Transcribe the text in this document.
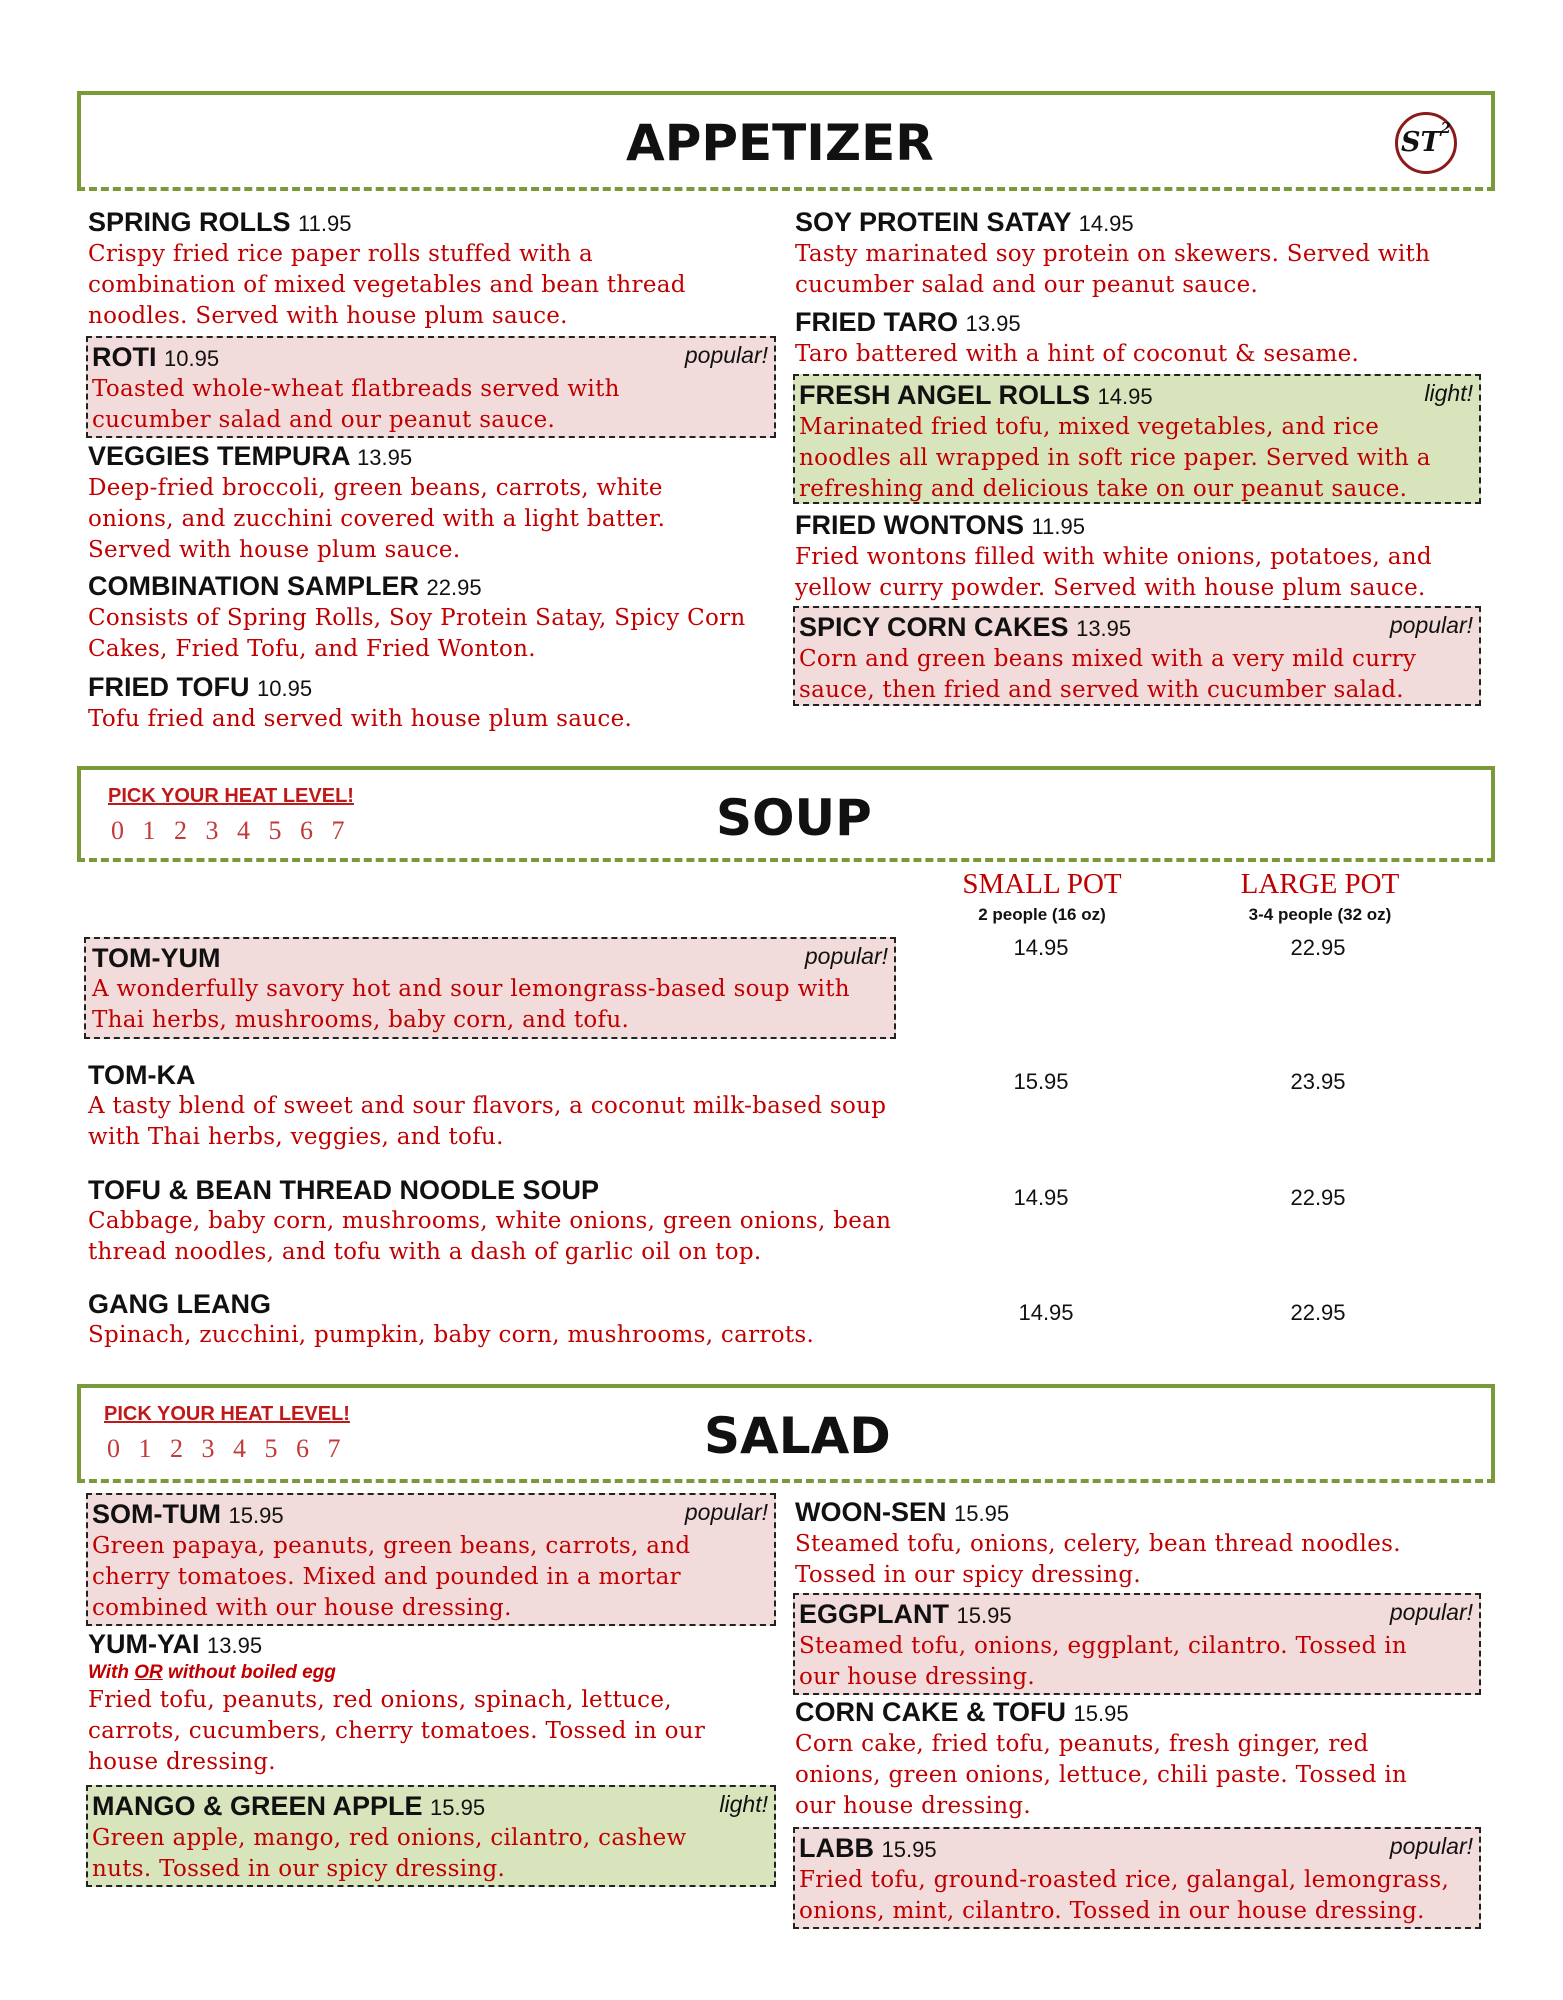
APPETIZER	$ST^2$
SPRING ROLLS 11.95
Crispy fried rice paper rolls stuffed with a combination of mixed vegetables and bean thread noodles. Served with house plum sauce.
ROTI 10.95	popular!
Toasted whole-wheat flatbreads served with cucumber salad and our peanut sauce.
VEGGIES TEMPURA 13.95
Deep-fried broccoli, green beans, carrots, white onions, and zucchini covered with a light batter. Served with house plum sauce.
COMBINATION SAMPLER 22.95
Consists of Spring Rolls, Soy Protein Satay, Spicy Corn Cakes, Fried Tofu, and Fried Wonton.
FRIED TOFU 10.95
Tofu fried and served with house plum sauce.
SOY PROTEIN SATAY 14.95
Tasty marinated soy protein on skewers. Served with cucumber salad and our peanut sauce.
FRIED TARO 13.95
Taro battered with a hint of coconut & sesame.
FRESH ANGEL ROLLS 14.95	light!
Marinated fried tofu, mixed vegetables, and rice noodles all wrapped in soft rice paper. Served with a refreshing and delicious take on our peanut sauce.
FRIED WONTONS 11.95
Fried wontons filled with white onions, potatoes, and yellow curry powder. Served with house plum sauce.
SPICY CORN CAKES 13.95	popular!
Corn and green beans mixed with a very mild curry sauce, then fried and served with cucumber salad.
PICK YOUR HEAT LEVEL!
0 1 2 3 4 5 6 7	SOUP
SMALL POT
2 people (16 oz)
LARGE POT
3-4 people (32 oz)
TOM-YUM	popular!
A wonderfully savory hot and sour lemongrass-based soup with Thai herbs, mushrooms, baby corn, and tofu.
14.95	22.95
TOM-KA
A tasty blend of sweet and sour flavors, a coconut milk-based soup with Thai herbs, veggies, and tofu.
15.95	23.95
TOFU & BEAN THREAD NOODLE SOUP
Cabbage, baby corn, mushrooms, white onions, green onions, bean thread noodles, and tofu with a dash of garlic oil on top.
14.95	22.95
GANG LEANG
Spinach, zucchini, pumpkin, baby corn, mushrooms, carrots.
14.95	22.95
PICK YOUR HEAT LEVEL!
0 1 2 3 4 5 6 7	SALAD
SOM-TUM 15.95	popular!
Green papaya, peanuts, green beans, carrots, and cherry tomatoes. Mixed and pounded in a mortar combined with our house dressing.
YUM-YAI 13.95
With OR without boiled egg
Fried tofu, peanuts, red onions, spinach, lettuce, carrots, cucumbers, cherry tomatoes. Tossed in our house dressing.
MANGO & GREEN APPLE 15.95	light!
Green apple, mango, red onions, cilantro, cashew nuts. Tossed in our spicy dressing.
WOON-SEN 15.95
Steamed tofu, onions, celery, bean thread noodles. Tossed in our spicy dressing.
EGGPLANT 15.95	popular!
Steamed tofu, onions, eggplant, cilantro. Tossed in our house dressing.
CORN CAKE & TOFU 15.95
Corn cake, fried tofu, peanuts, fresh ginger, red onions, green onions, lettuce, chili paste. Tossed in our house dressing.
LABB 15.95	popular!
Fried tofu, ground-roasted rice, galangal, lemongrass, onions, mint, cilantro. Tossed in our house dressing.
